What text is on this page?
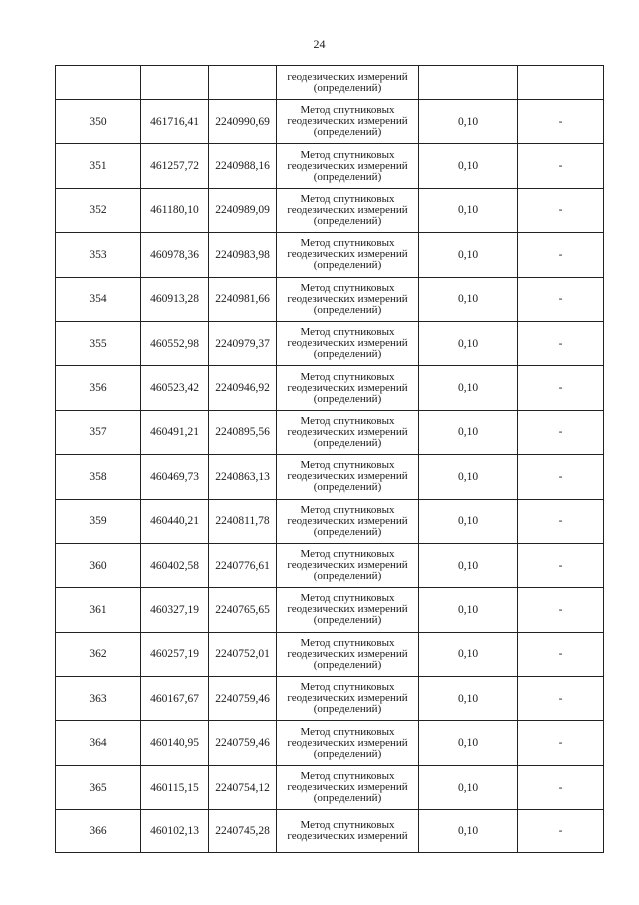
24

			геодезических измерений
(определений)		

350	461716,41	2240990,69	Метод спутниковых
геодезических измерений
(определений)	0,10	-
351	461257,72	2240988,16	Метод спутниковых
геодезических измерений
(определений)	0,10	-
352	461180,10	2240989,09	Метод спутниковых
геодезических измерений
(определений)	0,10	-
353	460978,36	2240983,98	Метод спутниковых
геодезических измерений
(определений)	0,10	-
354	460913,28	2240981,66	Метод спутниковых
геодезических измерений
(определений)	0,10	-
355	460552,98	2240979,37	Метод спутниковых
геодезических измерений
(определений)	0,10	-
356	460523,42	2240946,92	Метод спутниковых
геодезических измерений
(определений)	0,10	-
357	460491,21	2240895,56	Метод спутниковых
геодезических измерений
(определений)	0,10	-
358	460469,73	2240863,13	Метод спутниковых
геодезических измерений
(определений)	0,10	-
359	460440,21	2240811,78	Метод спутниковых
геодезических измерений
(определений)	0,10	-
360	460402,58	2240776,61	Метод спутниковых
геодезических измерений
(определений)	0,10	-
361	460327,19	2240765,65	Метод спутниковых
геодезических измерений
(определений)	0,10	-
362	460257,19	2240752,01	Метод спутниковых
геодезических измерений
(определений)	0,10	-
363	460167,67	2240759,46	Метод спутниковых
геодезических измерений
(определений)	0,10	-
364	460140,95	2240759,46	Метод спутниковых
геодезических измерений
(определений)	0,10	-
365	460115,15	2240754,12	Метод спутниковых
геодезических измерений
(определений)	0,10	-
366	460102,13	2240745,28	Метод спутниковых
геодезических измерений	0,10	-
